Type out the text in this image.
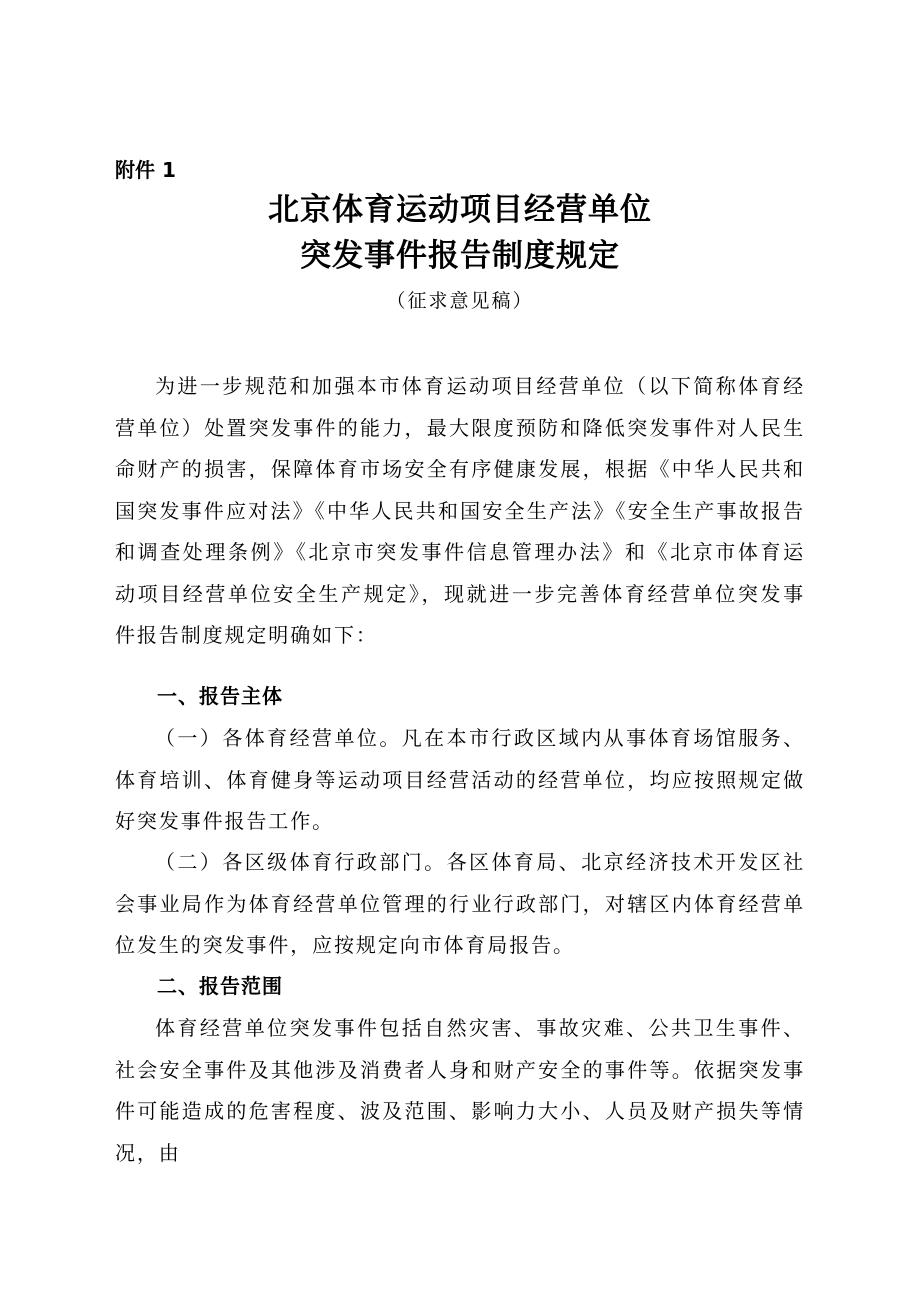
附件 1
北京体育运动项目经营单位
突发事件报告制度规定
（征求意见稿）

为进一步规范和加强本市体育运动项目经营单位（以下简称体育经营单位）处置突发事件的能力，最大限度预防和降低突发事件对人民生命财产的损害，保障体育市场安全有序健康发展，根据《中华人民共和国突发事件应对法》《中华人民共和国安全生产法》《安全生产事故报告和调查处理条例》《北京市突发事件信息管理办法》和《北京市体育运动项目经营单位安全生产规定》，现就进一步完善体育经营单位突发事件报告制度规定明确如下：

一、报告主体

（一）各体育经营单位。凡在本市行政区域内从事体育场馆服务、体育培训、体育健身等运动项目经营活动的经营单位，均应按照规定做好突发事件报告工作。

（二）各区级体育行政部门。各区体育局、北京经济技术开发区社会事业局作为体育经营单位管理的行业行政部门，对辖区内体育经营单位发生的突发事件，应按规定向市体育局报告。

二、报告范围

体育经营单位突发事件包括自然灾害、事故灾难、公共卫生事件、社会安全事件及其他涉及消费者人身和财产安全的事件等。依据突发事件可能造成的危害程度、波及范围、影响力大小、人员及财产损失等情况，由
